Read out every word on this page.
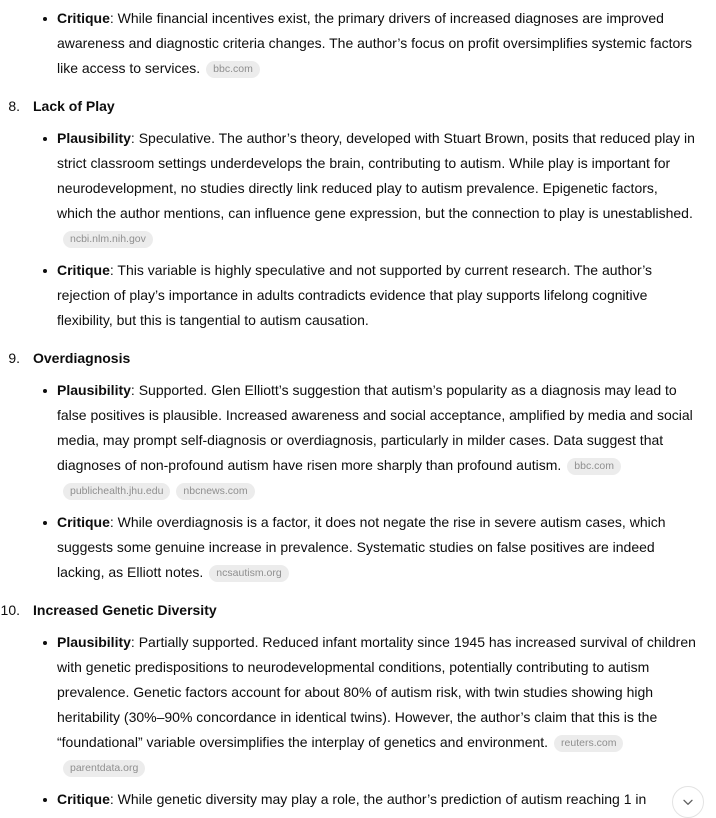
Critique: While financial incentives exist, the primary drivers of increased diagnoses are improved awareness and diagnostic criteria changes. The author’s focus on profit oversimplifies systemic factors like access to services. bbc.com
8. Lack of Play
Plausibility: Speculative. The author’s theory, developed with Stuart Brown, posits that reduced play in strict classroom settings underdevelops the brain, contributing to autism. While play is important for neurodevelopment, no studies directly link reduced play to autism prevalence. Epigenetic factors, which the author mentions, can influence gene expression, but the connection to play is unestablished.ncbi.nlm.nih.gov
Critique: This variable is highly speculative and not supported by current research. The author’s rejection of play’s importance in adults contradicts evidence that play supports lifelong cognitive flexibility, but this is tangential to autism causation.
9. Overdiagnosis
Plausibility: Supported. Glen Elliott’s suggestion that autism’s popularity as a diagnosis may lead to false positives is plausible. Increased awareness and social acceptance, amplified by media and social media, may prompt self-diagnosis or overdiagnosis, particularly in milder cases. Data suggest that diagnoses of non-profound autism have risen more sharply than profound autism. bbc.compublichealth.jhu.edu nbcnews.com
Critique: While overdiagnosis is a factor, it does not negate the rise in severe autism cases, which suggests some genuine increase in prevalence. Systematic studies on false positives are indeed lacking, as Elliott notes. ncsautism.org
10. Increased Genetic Diversity
Plausibility: Partially supported. Reduced infant mortality since 1945 has increased survival of children with genetic predispositions to neurodevelopmental conditions, potentially contributing to autism prevalence. Genetic factors account for about 80% of autism risk, with twin studies showing high heritability (30%–90% concordance in identical twins). However, the author’s claim that this is the “foundational” variable oversimplifies the interplay of genetics and environment. reuters.comparentdata.org
Critique: While genetic diversity may play a role, the author’s prediction of autism reaching 1 in
